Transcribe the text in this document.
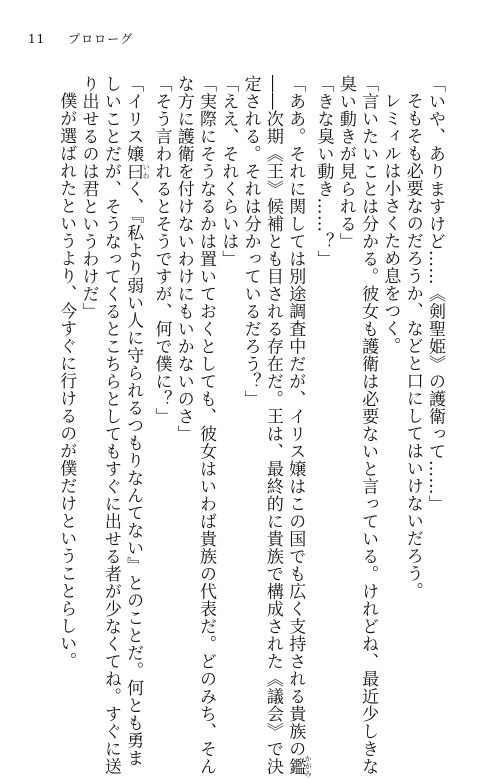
11 プロローグ

「いや、ありますけど……《剣聖姫》の護衛って……」

そもそも必要なのだろうか、などと口にしてはいけないだろう。

レミィルは小さくため息をつく。

「言いたいことは分かる。彼女も護衛は必要ないと言っている。けれどね、最近少しきな

臭い動きが見られる」

「きな臭い動き……？」

「ああ。それに関しては別途調査中だが、イリス嬢はこの国でも広く支持される貴族の鑑 かがみ

――次期《王》候補とも目される存在だ。王は、最終的に貴族で構成された《議会》で決

定される。それは分かっているだろう？」

「ええ、それくらいは」

「実際にそうなるかは置いておくとしても、彼女はいわば貴族の代表だ。どのみち、そん

な方に護衛を付けないわけにもいかないのさ」

「そう言われるとそうですが、何で僕に？」

「イリス嬢曰 いわく、『私より弱い人に守られるつもりなんてない』とのことだ。何とも勇ま

しいことだが、そうなってくるとこちらとしてもすぐに出せる者が少なくてね。すぐに送

り出せるのは君というわけだ」

僕が選ばれたというより、今すぐに行けるのが僕だけということらしい。
